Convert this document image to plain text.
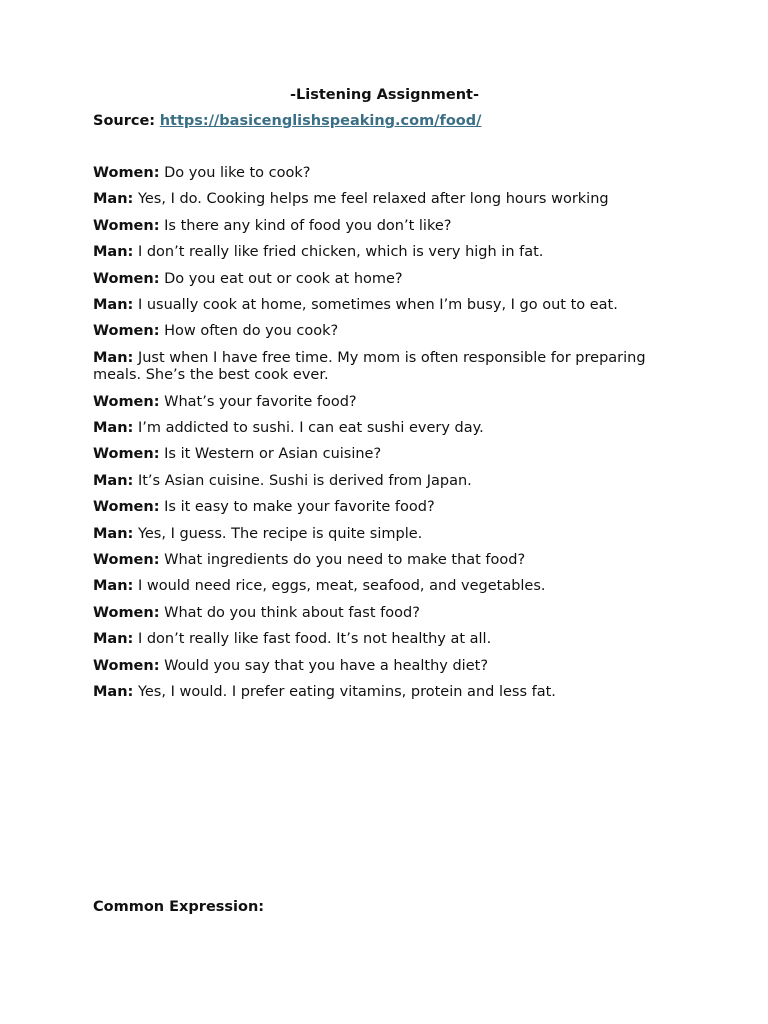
-Listening Assignment-
Source: https://basicenglishspeaking.com/food/
Women: Do you like to cook?
Man: Yes, I do. Cooking helps me feel relaxed after long hours working
Women: Is there any kind of food you don’t like?
Man: I don’t really like fried chicken, which is very high in fat.
Women: Do you eat out or cook at home?
Man: I usually cook at home, sometimes when I’m busy, I go out to eat.
Women: How often do you cook?
Man: Just when I have free time. My mom is often responsible for preparing meals. She’s the best cook ever.
Women: What’s your favorite food?
Man: I’m addicted to sushi. I can eat sushi every day.
Women: Is it Western or Asian cuisine?
Man: It’s Asian cuisine. Sushi is derived from Japan.
Women: Is it easy to make your favorite food?
Man: Yes, I guess. The recipe is quite simple.
Women: What ingredients do you need to make that food?
Man: I would need rice, eggs, meat, seafood, and vegetables.
Women: What do you think about fast food?
Man: I don’t really like fast food. It’s not healthy at all.
Women: Would you say that you have a healthy diet?
Man: Yes, I would. I prefer eating vitamins, protein and less fat.
Common Expression:
